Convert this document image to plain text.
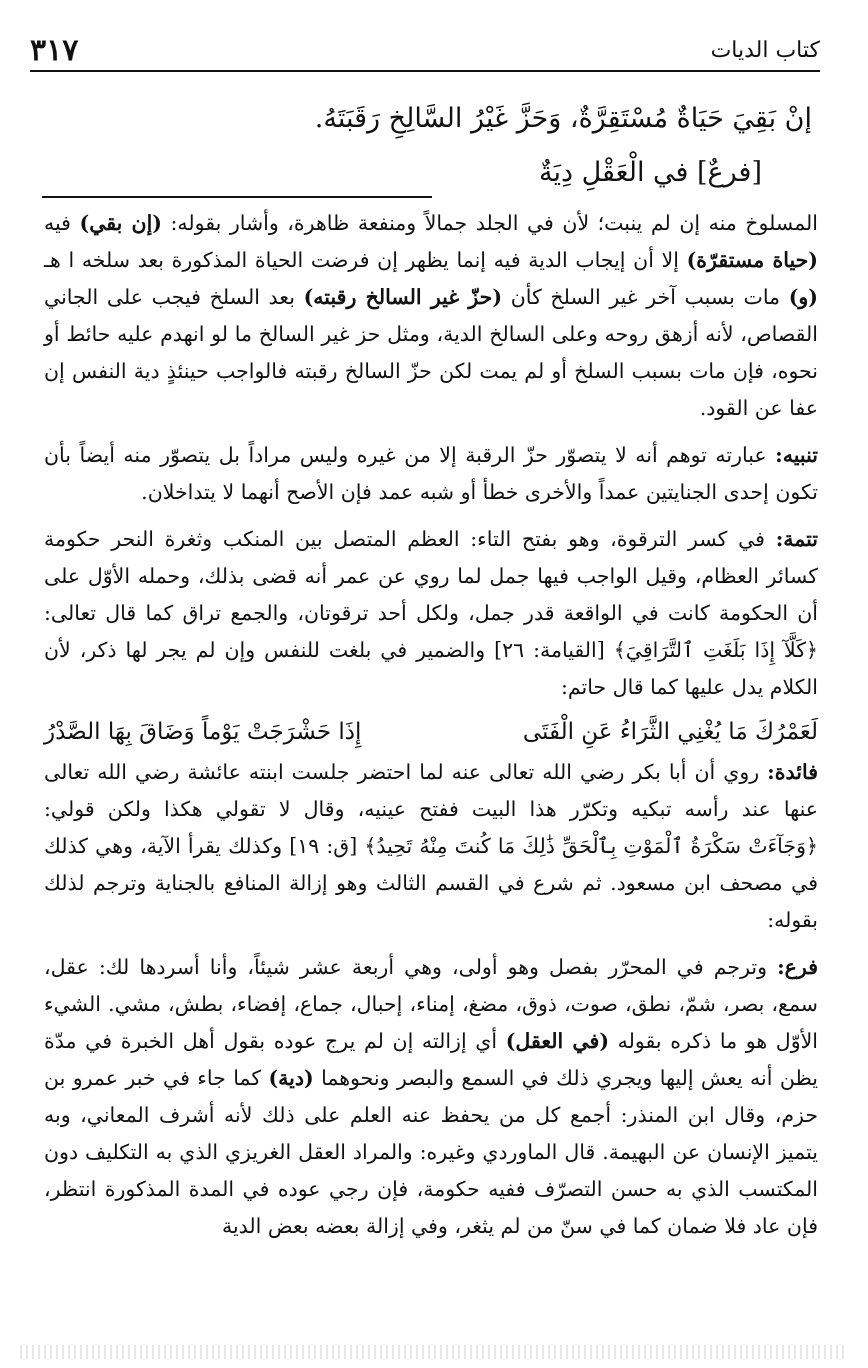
٣١٧	كتاب الديات
إنْ بَقِيَ حَيَاةٌ مُسْتَقِرَّةٌ، وَحَزَّ غَيْرُ السَّالِخِ رَقَبَتَهُ.
[فرعٌ] في الْعَقْلِ دِيَةٌ

المسلوخ منه إن لم ينبت؛ لأن في الجلد جمالاً ومنفعة ظاهرة، وأشار بقوله: (إن بقي) فيه (حياة مستقرّة) إلا أن إيجاب الدية فيه إنما يظهر إن فرضت الحياة المذكورة بعد سلخه ا هـ (و) مات بسبب آخر غير السلخ كأن (حزّ غير السالخ رقبته) بعد السلخ فيجب على الجاني القصاص، لأنه أزهق روحه وعلى السالخ الدية، ومثل حز غير السالخ ما لو انهدم عليه حائط أو نحوه، فإن مات بسبب السلخ أو لم يمت لكن حزّ السالخ رقبته فالواجب حينئذٍ دية النفس إن عفا عن القود.

تنبيه: عبارته توهم أنه لا يتصوّر حزّ الرقبة إلا من غيره وليس مراداً بل يتصوّر منه أيضاً بأن تكون إحدى الجنايتين عمداً والأخرى خطأ أو شبه عمد فإن الأصح أنهما لا يتداخلان.

تتمة: في كسر الترقوة، وهو بفتح التاء: العظم المتصل بين المنكب وثغرة النحر حكومة كسائر العظام، وقيل الواجب فيها جمل لما روي عن عمر أنه قضى بذلك، وحمله الأوّل على أن الحكومة كانت في الواقعة قدر جمل، ولكل أحد ترقوتان، والجمع تراق كما قال تعالى: ﴿كَلَّآ إِذَا بَلَغَتِ ٱلتَّرَاقِيَ﴾ [القيامة: ٢٦] والضمير في بلغت للنفس وإن لم يجر لها ذكر، لأن الكلام يدل عليها كما قال حاتم:

لَعَمْرُكَ مَا يُغْنِي الثَّرَاءُ عَنِ الْفَتَى
إِذَا حَشْرَجَتْ يَوْماً وَضَاقَ بِهَا الصَّدْرُ

فائدة: روي أن أبا بكر رضي الله تعالى عنه لما احتضر جلست ابنته عائشة رضي الله تعالى عنها عند رأسه تبكيه وتكرّر هذا البيت ففتح عينيه، وقال لا تقولي هكذا ولكن قولي: ﴿وَجَآءَتْ سَكْرَةُ ٱلْمَوْتِ بِٱلْحَقِّ ذَٰلِكَ مَا كُنتَ مِنْهُ تَحِيدُ﴾ [ق: ١٩] وكذلك يقرأ الآية، وهي كذلك في مصحف ابن مسعود. ثم شرع في القسم الثالث وهو إزالة المنافع بالجناية وترجم لذلك بقوله:

فرع: وترجم في المحرّر بفصل وهو أولى، وهي أربعة عشر شيئاً، وأنا أسردها لك: عقل، سمع، بصر، شمّ، نطق، صوت، ذوق، مضغ، إمناء، إحبال، جماع، إفضاء، بطش، مشي. الشيء الأوّل هو ما ذكره بقوله (في العقل) أي إزالته إن لم يرج عوده بقول أهل الخبرة في مدّة يظن أنه يعش إليها ويجري ذلك في السمع والبصر ونحوهما (دية) كما جاء في خبر عمرو بن حزم، وقال ابن المنذر: أجمع كل من يحفظ عنه العلم على ذلك لأنه أشرف المعاني، وبه يتميز الإنسان عن البهيمة. قال الماوردي وغيره: والمراد العقل الغريزي الذي به التكليف دون المكتسب الذي به حسن التصرّف ففيه حكومة، فإن رجي عوده في المدة المذكورة انتظر، فإن عاد فلا ضمان كما في سنّ من لم يثغر، وفي إزالة بعضه بعض الدية
